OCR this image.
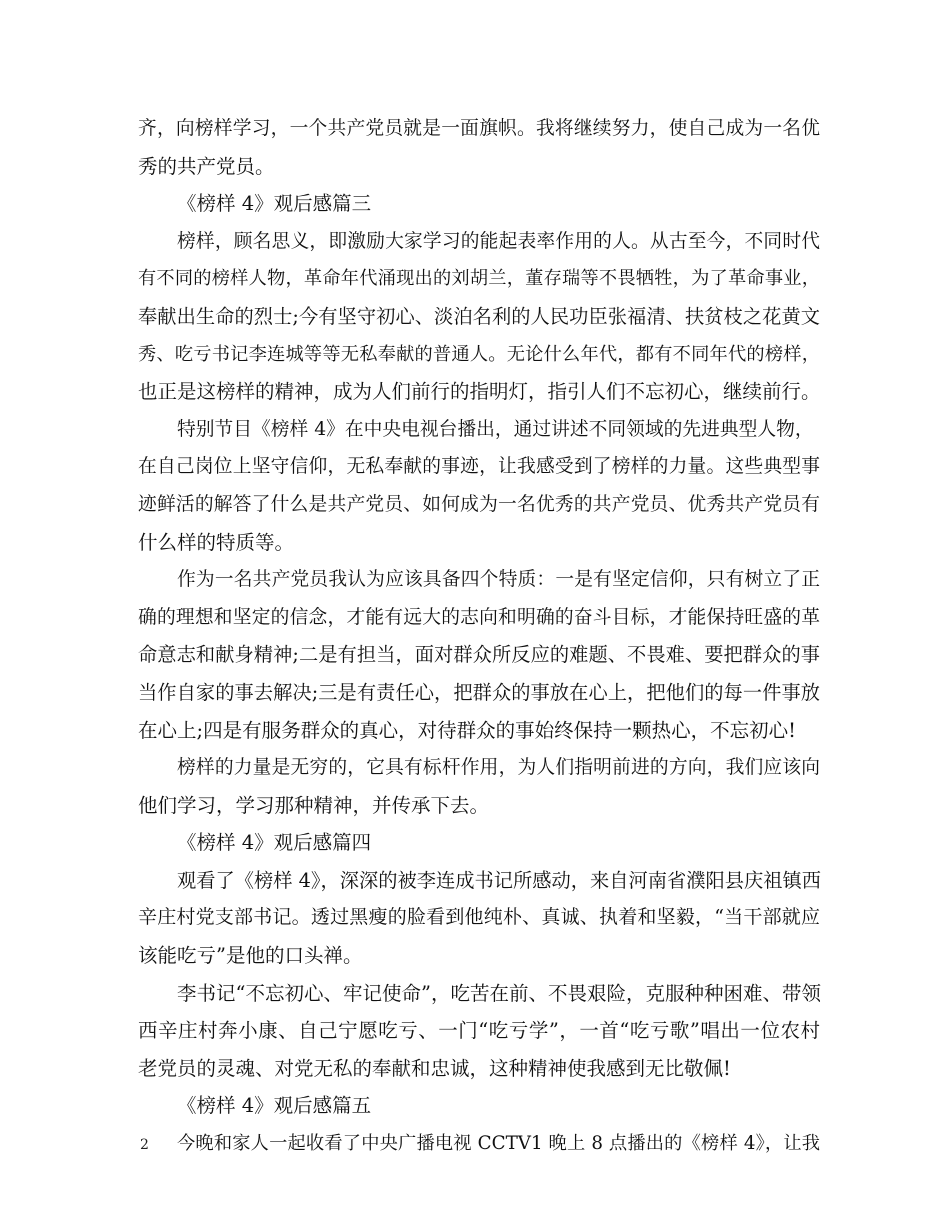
齐，向榜样学习，一个共产党员就是一面旗帜。我将继续努力，使自己成为一名优
秀的共产党员。
《榜样 4》观后感篇三
榜样，顾名思义，即激励大家学习的能起表率作用的人。从古至今，不同时代
有不同的榜样人物，革命年代涌现出的刘胡兰，董存瑞等不畏牺牲，为了革命事业，
奉献出生命的烈士;今有坚守初心、淡泊名利的人民功臣张福清、扶贫枝之花黄文
秀、吃亏书记李连城等等无私奉献的普通人。无论什么年代，都有不同年代的榜样，
也正是这榜样的精神，成为人们前行的指明灯，指引人们不忘初心，继续前行。
特别节目《榜样 4》在中央电视台播出，通过讲述不同领域的先进典型人物，
在自己岗位上坚守信仰，无私奉献的事迹，让我感受到了榜样的力量。这些典型事
迹鲜活的解答了什么是共产党员、如何成为一名优秀的共产党员、优秀共产党员有
什么样的特质等。
作为一名共产党员我认为应该具备四个特质：一是有坚定信仰，只有树立了正
确的理想和坚定的信念，才能有远大的志向和明确的奋斗目标，才能保持旺盛的革
命意志和献身精神;二是有担当，面对群众所反应的难题、不畏难、要把群众的事
当作自家的事去解决;三是有责任心，把群众的事放在心上，把他们的每一件事放
在心上;四是有服务群众的真心，对待群众的事始终保持一颗热心，不忘初心!
榜样的力量是无穷的，它具有标杆作用，为人们指明前进的方向，我们应该向
他们学习，学习那种精神，并传承下去。
《榜样 4》观后感篇四
观看了《榜样 4》，深深的被李连成书记所感动，来自河南省濮阳县庆祖镇西
辛庄村党支部书记。透过黑瘦的脸看到他纯朴、真诚、执着和坚毅，“当干部就应
该能吃亏”是他的口头禅。
李书记“不忘初心、牢记使命”，吃苦在前、不畏艰险，克服种种困难、带领
西辛庄村奔小康、自己宁愿吃亏、一门“吃亏学”，一首“吃亏歌”唱出一位农村
老党员的灵魂、对党无私的奉献和忠诚，这种精神使我感到无比敬佩!
《榜样 4》观后感篇五
今晚和家人一起收看了中央广播电视 CCTV1 晚上 8 点播出的《榜样 4》，让我
2
